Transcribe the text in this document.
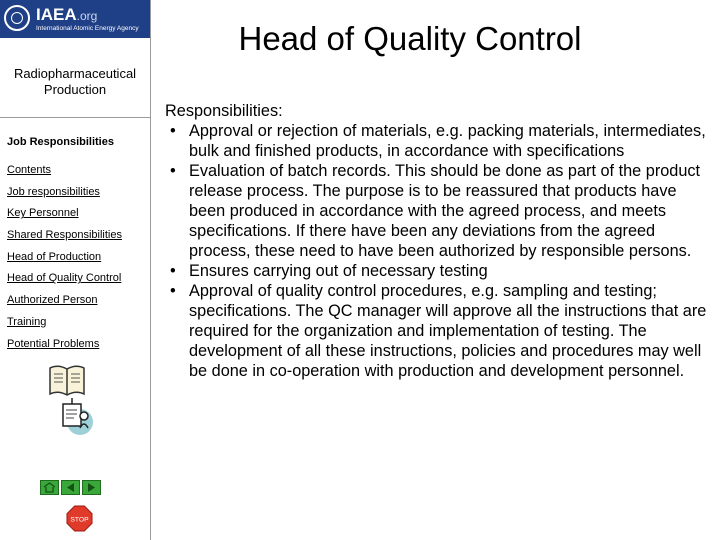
IAEA.org
International Atomic Energy Agency
Radiopharmaceutical Production
Job Responsibilities
Contents
Job responsibilities
Key Personnel
Shared Responsibilities
Head of Production
Head of Quality Control
Authorized Person
Training
Potential Problems
STOP
Head of Quality Control

Responsibilities:

• Approval or rejection of materials, e.g. packing materials, intermediates, bulk and finished products, in accordance with specifications
• Evaluation of batch records. This should be done as part of the product release process. The purpose is to be reassured that products have been produced in accordance with the agreed process, and meets specifications. If there have been any deviations from the agreed process, these need to have been authorized by responsible persons.
• Ensures carrying out of necessary testing
• Approval of quality control procedures, e.g. sampling and testing; specifications. The QC manager will approve all the instructions that are required for the organization and implementation of testing. The development of all these instructions, policies and procedures may well be done in co-operation with production and development personnel.
